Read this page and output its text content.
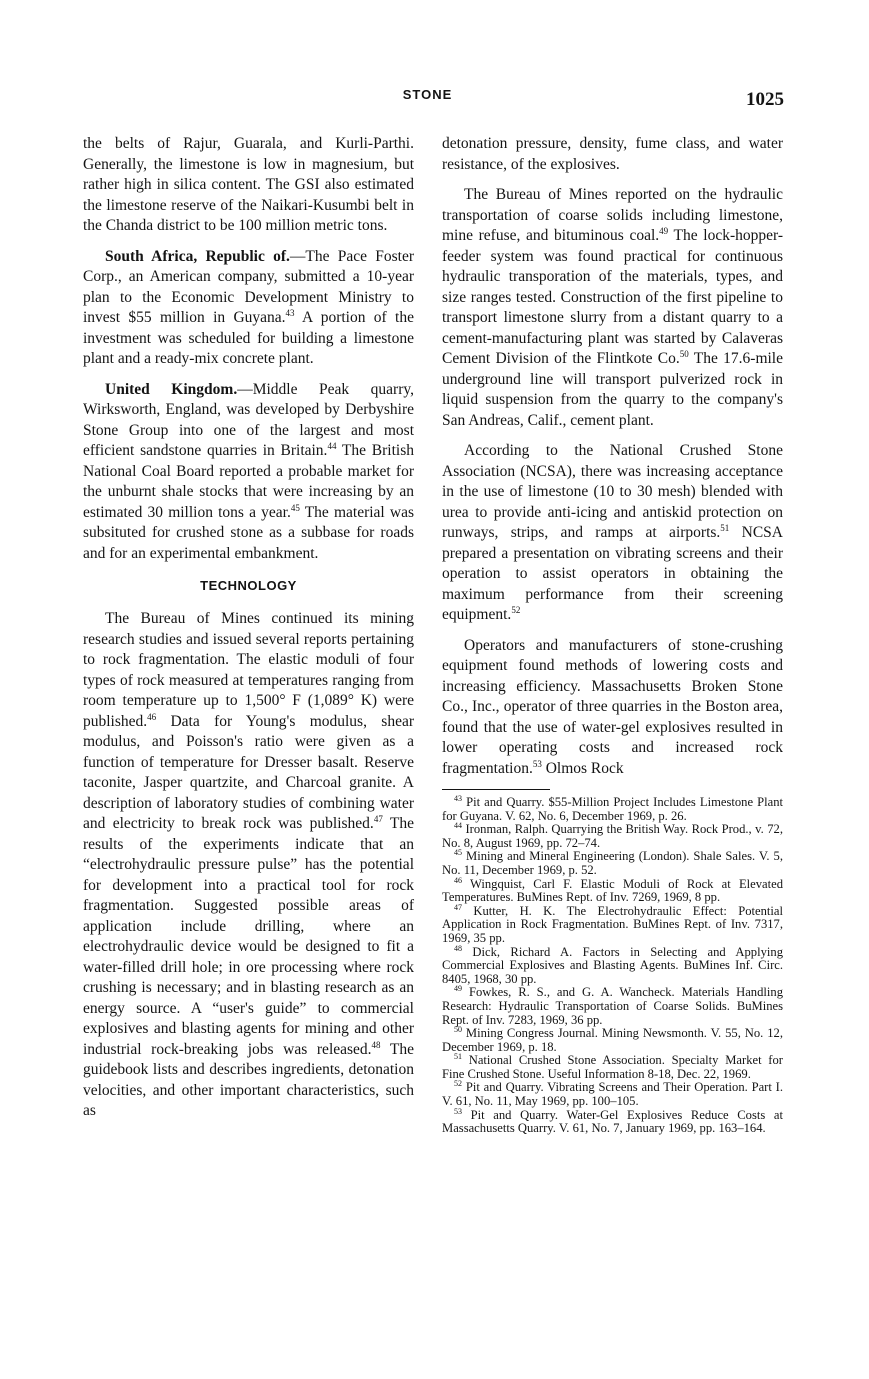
STONE	1025

the belts of Rajur, Guarala, and Kurli-Parthi. Generally, the limestone is low in magnesium, but rather high in silica content. The GSI also estimated the limestone reserve of the Naikari-Kusumbi belt in the Chanda district to be 100 million metric tons.

South Africa, Republic of.—The Pace Foster Corp., an American company, submitted a 10-year plan to the Economic Development Ministry to invest $55 million in Guyana.$^{43}$ A portion of the investment was scheduled for building a limestone plant and a ready-mix concrete plant.

United Kingdom.—Middle Peak quarry, Wirksworth, England, was developed by Derbyshire Stone Group into one of the largest and most efficient sandstone quarries in Britain.$^{44}$ The British National Coal Board reported a probable market for the unburnt shale stocks that were increasing by an estimated 30 million tons a year.$^{45}$ The material was subsituted for crushed stone as a subbase for roads and for an experimental embankment.

TECHNOLOGY

The Bureau of Mines continued its mining research studies and issued several reports pertaining to rock fragmentation. The elastic moduli of four types of rock measured at temperatures ranging from room temperature up to 1,500° F (1,089° K) were published.$^{46}$ Data for Young's modulus, shear modulus, and Poisson's ratio were given as a function of temperature for Dresser basalt. Reserve taconite, Jasper quartzite, and Charcoal granite. A description of laboratory studies of combining water and electricity to break rock was published.$^{47}$ The results of the experiments indicate that an “electrohydraulic pressure pulse” has the potential for development into a practical tool for rock fragmentation. Suggested possible areas of application include drilling, where an electrohydraulic device would be designed to fit a water-filled drill hole; in ore processing where rock crushing is necessary; and in blasting research as an energy source. A “user's guide” to commercial explosives and blasting agents for mining and other industrial rock-breaking jobs was released.$^{48}$ The guidebook lists and describes ingredients, detonation velocities, and other important characteristics, such as

detonation pressure, density, fume class, and water resistance, of the explosives.

The Bureau of Mines reported on the hydraulic transportation of coarse solids including limestone, mine refuse, and bituminous coal.$^{49}$ The lock-hopper-feeder system was found practical for continuous hydraulic transporation of the materials, types, and size ranges tested. Construction of the first pipeline to transport limestone slurry from a distant quarry to a cement-manufacturing plant was started by Calaveras Cement Division of the Flintkote Co.$^{50}$ The 17.6-mile underground line will transport pulverized rock in liquid suspension from the quarry to the company's San Andreas, Calif., cement plant.

According to the National Crushed Stone Association (NCSA), there was increasing acceptance in the use of limestone (10 to 30 mesh) blended with urea to provide anti-icing and antiskid protection on runways, strips, and ramps at airports.$^{51}$ NCSA prepared a presentation on vibrating screens and their operation to assist operators in obtaining the maximum performance from their screening equipment.$^{52}$

Operators and manufacturers of stone-crushing equipment found methods of lowering costs and increasing efficiency. Massachusetts Broken Stone Co., Inc., operator of three quarries in the Boston area, found that the use of water-gel explosives resulted in lower operating costs and increased rock fragmentation.$^{53}$ Olmos Rock

$^{43}$ Pit and Quarry. $55-Million Project Includes Limestone Plant for Guyana. V. 62, No. 6, December 1969, p. 26.

$^{44}$ Ironman, Ralph. Quarrying the British Way. Rock Prod., v. 72, No. 8, August 1969, pp. 72–74.

$^{45}$ Mining and Mineral Engineering (London). Shale Sales. V. 5, No. 11, December 1969, p. 52.

$^{46}$ Wingquist, Carl F. Elastic Moduli of Rock at Elevated Temperatures. BuMines Rept. of Inv. 7269, 1969, 8 pp.

$^{47}$ Kutter, H. K. The Electrohydraulic Effect: Potential Application in Rock Fragmentation. BuMines Rept. of Inv. 7317, 1969, 35 pp.

$^{48}$ Dick, Richard A. Factors in Selecting and Applying Commercial Explosives and Blasting Agents. BuMines Inf. Circ. 8405, 1968, 30 pp.

$^{49}$ Fowkes, R. S., and G. A. Wancheck. Materials Handling Research: Hydraulic Transportation of Coarse Solids. BuMines Rept. of Inv. 7283, 1969, 36 pp.

$^{50}$ Mining Congress Journal. Mining Newsmonth. V. 55, No. 12, December 1969, p. 18.

$^{51}$ National Crushed Stone Association. Specialty Market for Fine Crushed Stone. Useful Information 8-18, Dec. 22, 1969.

$^{52}$ Pit and Quarry. Vibrating Screens and Their Operation. Part I. V. 61, No. 11, May 1969, pp. 100–105.

$^{53}$ Pit and Quarry. Water-Gel Explosives Reduce Costs at Massachusetts Quarry. V. 61, No. 7, January 1969, pp. 163–164.
